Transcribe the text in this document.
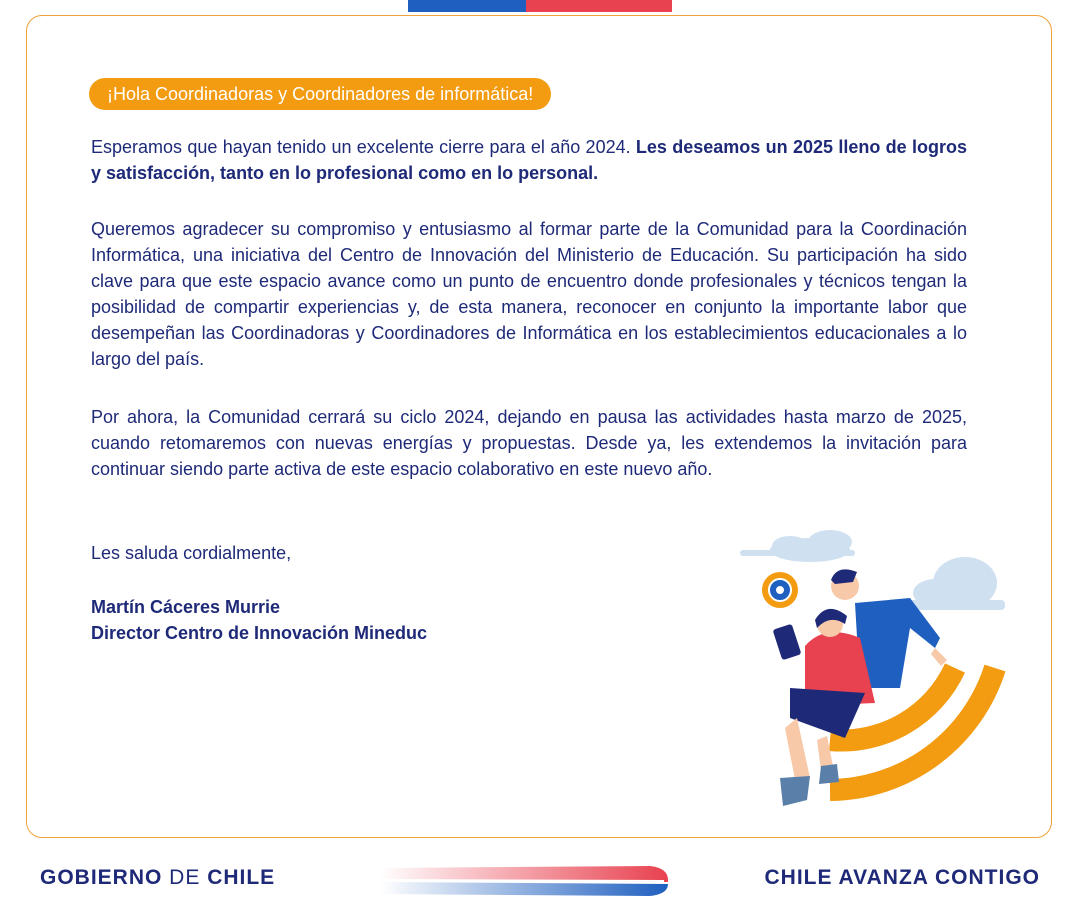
¡Hola Coordinadoras y Coordinadores de informática!
Esperamos que hayan tenido un excelente cierre para el año 2024. Les deseamos un 2025 lleno de logros y satisfacción, tanto en lo profesional como en lo personal.
Queremos agradecer su compromiso y entusiasmo al formar parte de la Comunidad para la Coordinación Informática, una iniciativa del Centro de Innovación del Ministerio de Educación. Su participación ha sido clave para que este espacio avance como un punto de encuentro donde profesionales y técnicos tengan la posibilidad de compartir experiencias y, de esta manera, reconocer en conjunto la importante labor que desempeñan las Coordinadoras y Coordinadores de Informática en los establecimientos educacionales a lo largo del país.
Por ahora, la Comunidad cerrará su ciclo 2024, dejando en pausa las actividades hasta marzo de 2025, cuando retomaremos con nuevas energías y propuestas. Desde ya, les extendemos la invitación para continuar siendo parte activa de este espacio colaborativo en este nuevo año.
Les saluda cordialmente,
Martín Cáceres Murrie
Director Centro de Innovación Mineduc
GOBIERNO DE CHILE	CHILE AVANZA CONTIGO
